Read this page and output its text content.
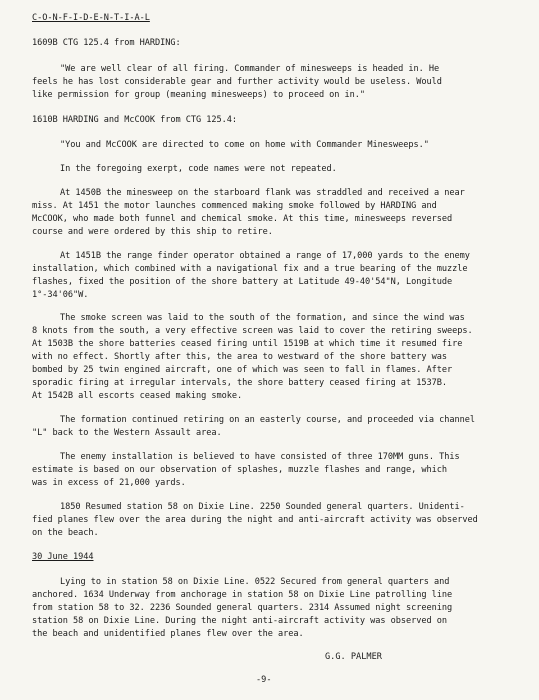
C-O-N-F-I-D-E-N-T-I-A-L
1609B CTG 125.4 from HARDING:
"We are well clear of all firing. Commander of minesweeps is headed in. He
feels he has lost considerable gear and further activity would be useless. Would
like permission for group (meaning minesweeps) to proceed on in."
1610B HARDING and McCOOK from CTG 125.4:
"You and McCOOK are directed to come on home with Commander Minesweeps."
In the foregoing exerpt, code names were not repeated.
At 1450B the minesweep on the starboard flank was straddled and received a near
miss. At 1451 the motor launches commenced making smoke followed by HARDING and
McCOOK, who made both funnel and chemical smoke. At this time, minesweeps reversed
course and were ordered by this ship to retire.
At 1451B the range finder operator obtained a range of 17,000 yards to the enemy
installation, which combined with a navigational fix and a true bearing of the muzzle
flashes, fixed the position of the shore battery at Latitude 49-40'54"N, Longitude
1°-34'06"W.
The smoke screen was laid to the south of the formation, and since the wind was
8 knots from the south, a very effective screen was laid to cover the retiring sweeps.
At 1503B the shore batteries ceased firing until 1519B at which time it resumed fire
with no effect. Shortly after this, the area to westward of the shore battery was
bombed by 25 twin engined aircraft, one of which was seen to fall in flames. After
sporadic firing at irregular intervals, the shore battery ceased firing at 1537B.
At 1542B all escorts ceased making smoke.
The formation continued retiring on an easterly course, and proceeded via channel
"L" back to the Western Assault area.
The enemy installation is believed to have consisted of three 170MM guns. This
estimate is based on our observation of splashes, muzzle flashes and range, which
was in excess of 21,000 yards.
1850 Resumed station 58 on Dixie Line. 2250 Sounded general quarters. Unidenti-
fied planes flew over the area during the night and anti-aircraft activity was observed
on the beach.
30 June 1944
Lying to in station 58 on Dixie Line. 0522 Secured from general quarters and
anchored. 1634 Underway from anchorage in station 58 on Dixie Line patrolling line
from station 58 to 32. 2236 Sounded general quarters. 2314 Assumed night screening
station 58 on Dixie Line. During the night anti-aircraft activity was observed on
the beach and unidentified planes flew over the area.
G.G. PALMER
-9-
